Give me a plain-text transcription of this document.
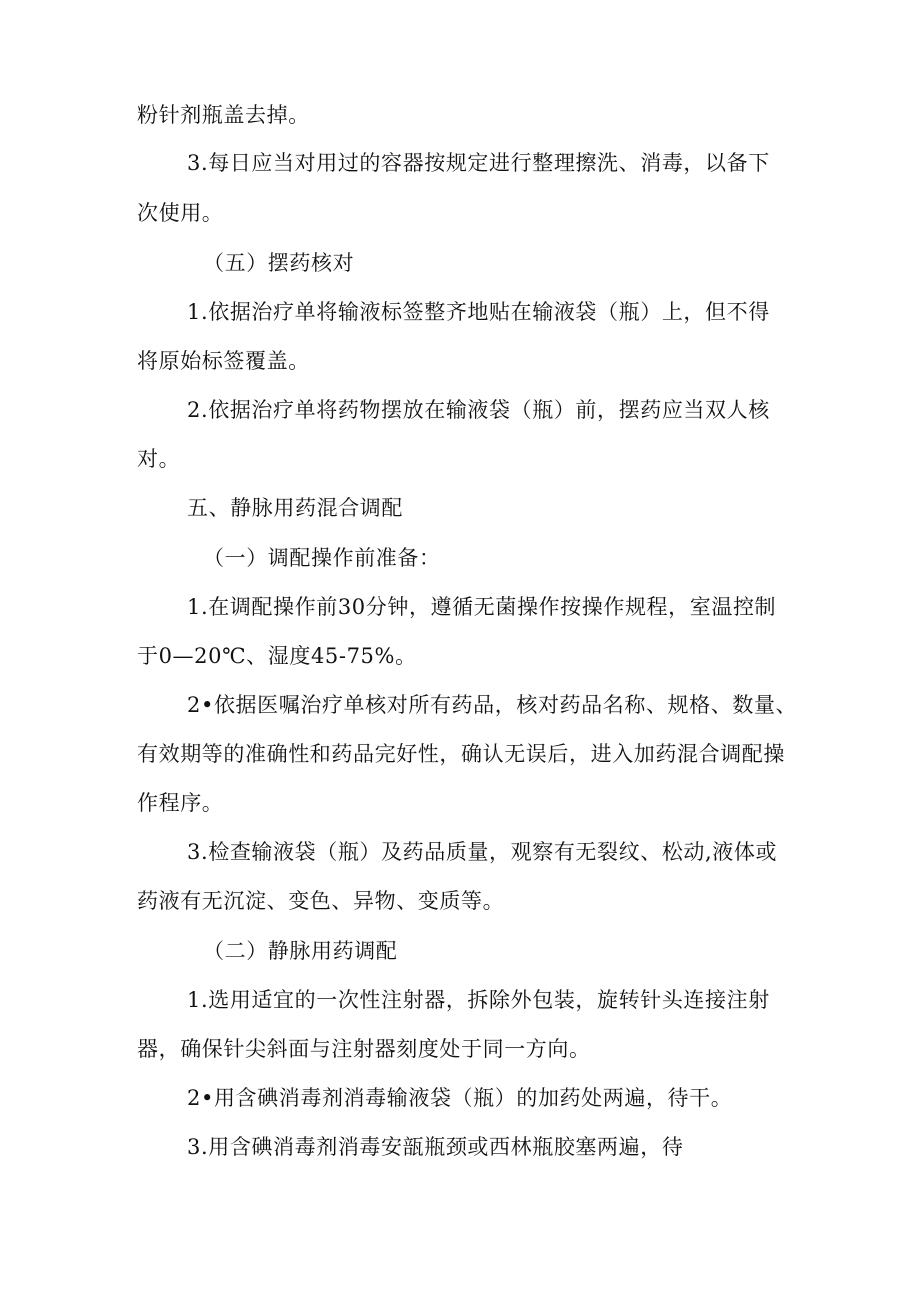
粉针剂瓶盖去掉。
3.每日应当对用过的容器按规定进行整理擦洗、消毒，以备下
次使用。
（五）摆药核对
1.依据治疗单将输液标签整齐地贴在输液袋（瓶）上，但不得
将原始标签覆盖。
2.依据治疗单将药物摆放在输液袋（瓶）前，摆药应当双人核
对。
五、静脉用药混合调配
（一）调配操作前准备：
1.在调配操作前30分钟，遵循无菌操作按操作规程，室温控制
于0—20℃、湿度45-75%。
2•依据医嘱治疗单核对所有药品，核对药品名称、规格、数量、
有效期等的准确性和药品完好性，确认无误后，进入加药混合调配操
作程序。
3.检查输液袋（瓶）及药品质量，观察有无裂纹、松动,液体或
药液有无沉淀、变色、异物、变质等。
（二）静脉用药调配
1.选用适宜的一次性注射器，拆除外包装，旋转针头连接注射
器，确保针尖斜面与注射器刻度处于同一方向。
2•用含碘消毒剂消毒输液袋（瓶）的加药处两遍，待干。
3.用含碘消毒剂消毒安瓿瓶颈或西林瓶胶塞两遍，待
